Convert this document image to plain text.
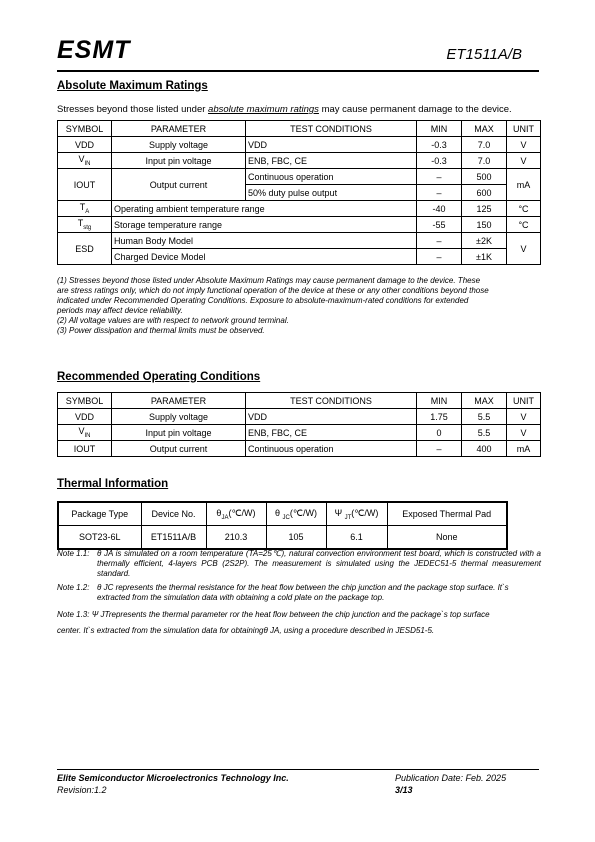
ESMT	ET1511A/B
Absolute Maximum Ratings
Stresses beyond those listed under absolute maximum ratings may cause permanent damage to the device.
SYMBOL	PARAMETER	TEST CONDITIONS	MIN	MAX	UNIT
VDD	Supply voltage	VDD	-0.3	7.0	V
$V_{IN}$	Input pin voltage	ENB, FBC, CE	-0.3	7.0	V
IOUT	Output current	Continuous operation	–	500	mA
		50% duty pulse output	–	600	
$T_A$	Operating ambient temperature range		-40	125	°C
$T_{stg}$	Storage temperature range		-55	150	°C
ESD	Human Body Model		–	±2K	V
	Charged Device Model		–	±1K	
(1) Stresses beyond those listed under Absolute Maximum Ratings may cause permanent damage to the device. These
are stress ratings only, which do not imply functional operation of the device at these or any other conditions beyond those
indicated under Recommended Operating Conditions. Exposure to absolute-maximum-rated conditions for extended
periods may affect device reliability.
(2) All voltage values are with respect to network ground terminal.
(3) Power dissipation and thermal limits must be observed.
Recommended Operating Conditions
SYMBOL	PARAMETER	TEST CONDITIONS	MIN	MAX	UNIT
VDD	Supply voltage	VDD	1.75	5.5	V
$V_{IN}$	Input pin voltage	ENB, FBC, CE	0	5.5	V
IOUT	Output current	Continuous operation	–	400	mA
Thermal Information
Package Type	Device No.	$\theta_{JA}(℃/W)$	θ $_{JC}$(℃/W)	Ψ $_{JT}$(℃/W)	Exposed Thermal Pad
SOT23-6L	ET1511A/B	210.3	105	6.1	None
Note 1.1: θ JA is simulated on a room temperature (TA=25℃), natural convection environment test board, which is constructed with a thermally efficient, 4-layers PCB (2S2P). The measurement is simulated using the JEDEC51-5 thermal measurement standard.
Note 1.2: θ JC represents the thermal resistance for the heat flow between the chip junction and the package stop surface. It`s extracted from the simulation data with obtaining a cold plate on the package top.
Note 1.3: Ψ JTrepresents the thermal parameter ror the heat flow between the chip junction and the package`s top surface
center. It`s extracted from the simulation data for obtainingθ JA, using a procedure described in JESD51-5.
Elite Semiconductor Microelectronics Technology Inc.
Revision:1.2
Publication Date: Feb. 2025
3/13
